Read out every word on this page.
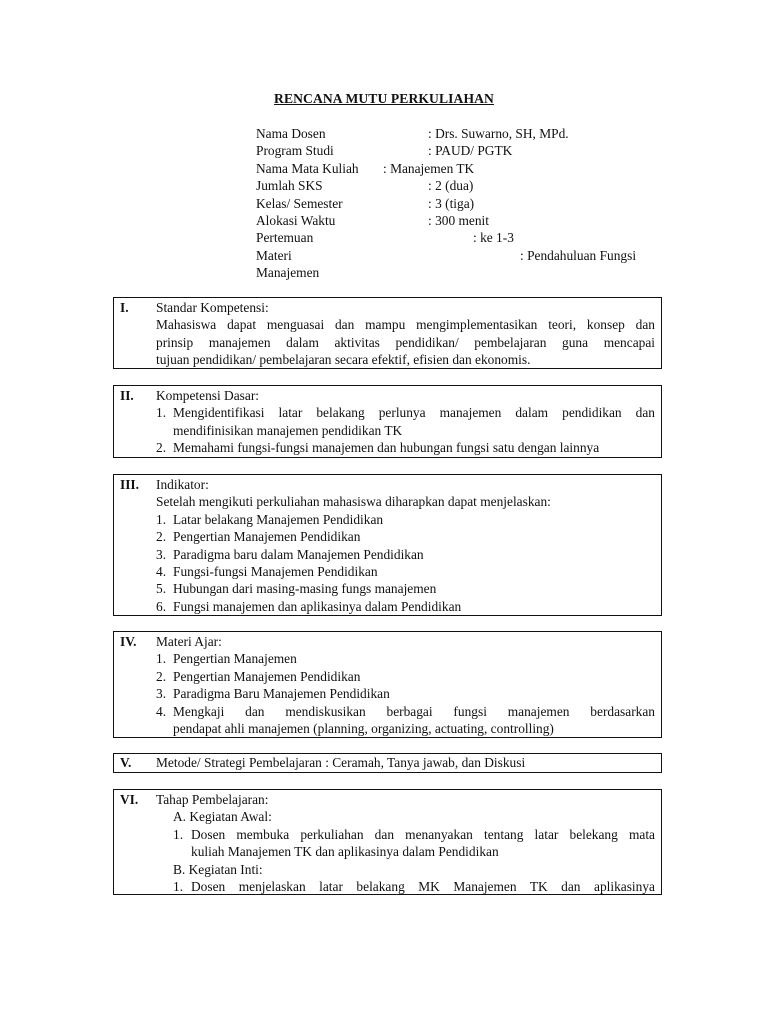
RENCANA MUTU PERKULIAHAN
Nama Dosen	: Drs. Suwarno, SH, MPd.
Program Studi	: PAUD/ PGTK
Nama Mata Kuliah : Manajemen TK
Jumlah SKS	: 2 (dua)
Kelas/ Semester	: 3 (tiga)
Alokasi Waktu	: 300 menit
Pertemuan	: ke 1-3
Materi	: Pendahuluan Fungsi
Manajemen
I. Standar Kompetensi:
Mahasiswa dapat menguasai dan mampu mengimplementasikan teori, konsep dan
prinsip manajemen dalam aktivitas pendidikan/ pembelajaran guna mencapai
tujuan pendidikan/ pembelajaran secara efektif, efisien dan ekonomis.
II. Kompetensi Dasar:
1. Mengidentifikasi latar belakang perlunya manajemen dalam pendidikan dan
mendifinisikan manajemen pendidikan TK
2. Memahami fungsi-fungsi manajemen dan hubungan fungsi satu dengan lainnya
III. Indikator:
Setelah mengikuti perkuliahan mahasiswa diharapkan dapat menjelaskan:
1. Latar belakang Manajemen Pendidikan
2. Pengertian Manajemen Pendidikan
3. Paradigma baru dalam Manajemen Pendidikan
4. Fungsi-fungsi Manajemen Pendidikan
5. Hubungan dari masing-masing fungs manajemen
6. Fungsi manajemen dan aplikasinya dalam Pendidikan
IV. Materi Ajar:
1. Pengertian Manajemen
2. Pengertian Manajemen Pendidikan
3. Paradigma Baru Manajemen Pendidikan
4. Mengkaji dan mendiskusikan berbagai fungsi manajemen berdasarkan
pendapat ahli manajemen (planning, organizing, actuating, controlling)
V. Metode/ Strategi Pembelajaran : Ceramah, Tanya jawab, dan Diskusi
VI. Tahap Pembelajaran:
A. Kegiatan Awal:
1. Dosen membuka perkuliahan dan menanyakan tentang latar belekang mata
kuliah Manajemen TK dan aplikasinya dalam Pendidikan
B. Kegiatan Inti:
1. Dosen menjelaskan latar belakang MK Manajemen TK dan aplikasinya
